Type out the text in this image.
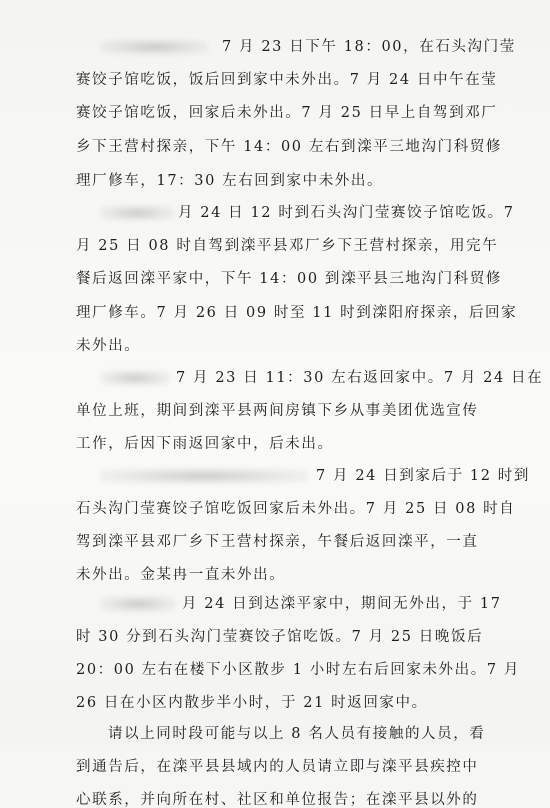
7 月 23 日下午 18：00，在石头沟门莹
赛饺子馆吃饭，饭后回到家中未外出。7 月 24 日中午在莹
赛饺子馆吃饭，回家后未外出。7 月 25 日早上自驾到邓厂
乡下王营村探亲，下午 14：00 左右到滦平三地沟门科贸修
理厂修车，17：30 左右回到家中未外出。
月 24 日 12 时到石头沟门莹赛饺子馆吃饭。7
月 25 日 08 时自驾到滦平县邓厂乡下王营村探亲，用完午
餐后返回滦平家中，下午 14：00 到滦平县三地沟门科贸修
理厂修车。7 月 26 日 09 时至 11 时到滦阳府探亲，后回家
未外出。
7 月 23 日 11：30 左右返回家中。7 月 24 日在
单位上班，期间到滦平县两间房镇下乡从事美团优选宣传
工作，后因下雨返回家中，后未出。
7 月 24 日到家后于 12 时到
石头沟门莹赛饺子馆吃饭回家后未外出。7 月 25 日 08 时自
驾到滦平县邓厂乡下王营村探亲，午餐后返回滦平，一直
未外出。金某冉一直未外出。
月 24 日到达滦平家中，期间无外出，于 17
时 30 分到石头沟门莹赛饺子馆吃饭。7 月 25 日晚饭后
20：00 左右在楼下小区散步 1 小时左右后回家未外出。7 月
26 日在小区内散步半小时，于 21 时返回家中。
请以上同时段可能与以上 8 名人员有接触的人员，看
到通告后，在滦平县县域内的人员请立即与滦平县疾控中
心联系，并向所在村、社区和单位报告；在滦平县以外的
